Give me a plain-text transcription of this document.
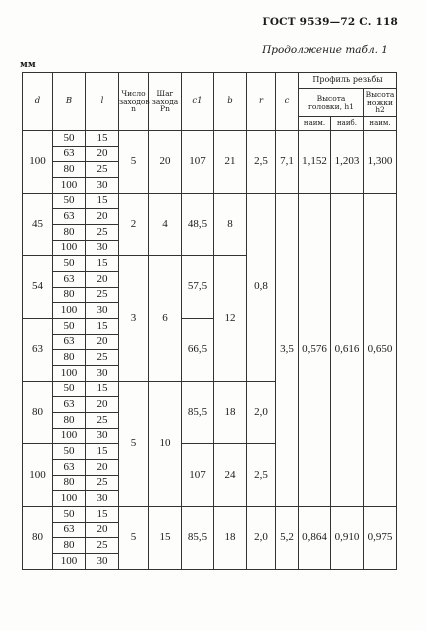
ГОСТ 9539—72 С. 118
Продолжение табл. 1
мм
d	B	l	Число заходов n	Шаг захода Pn	c1	b	r	c	Профиль резьбы		
									Высота головки, h1		Высота ножки h2
									наим.	наиб.	наим.
100	50	15	5	20	107	21	2,5	7,1	1,152	1,203	1,300
	63	20									
	80	25									
	100	30									
45	50	15	2	4	48,5	8	0,8	3,5	0,576	0,616	0,650
	63	20									
	80	25									
	100	30									
54	50	15	3	6	57,5	12					
	63	20									
	80	25									
	100	30									
63	50	15			66,5						
	63	20									
	80	25									
	100	30									
80	50	15	5	10	85,5	18	2,0				
	63	20									
	80	25									
	100	30									
100	50	15			107	24	2,5				
	63	20									
	80	25									
	100	30									
80	50	15	5	15	85,5	18	2,0	5,2	0,864	0,910	0,975
	63	20									
	80	25									
	100	30									
